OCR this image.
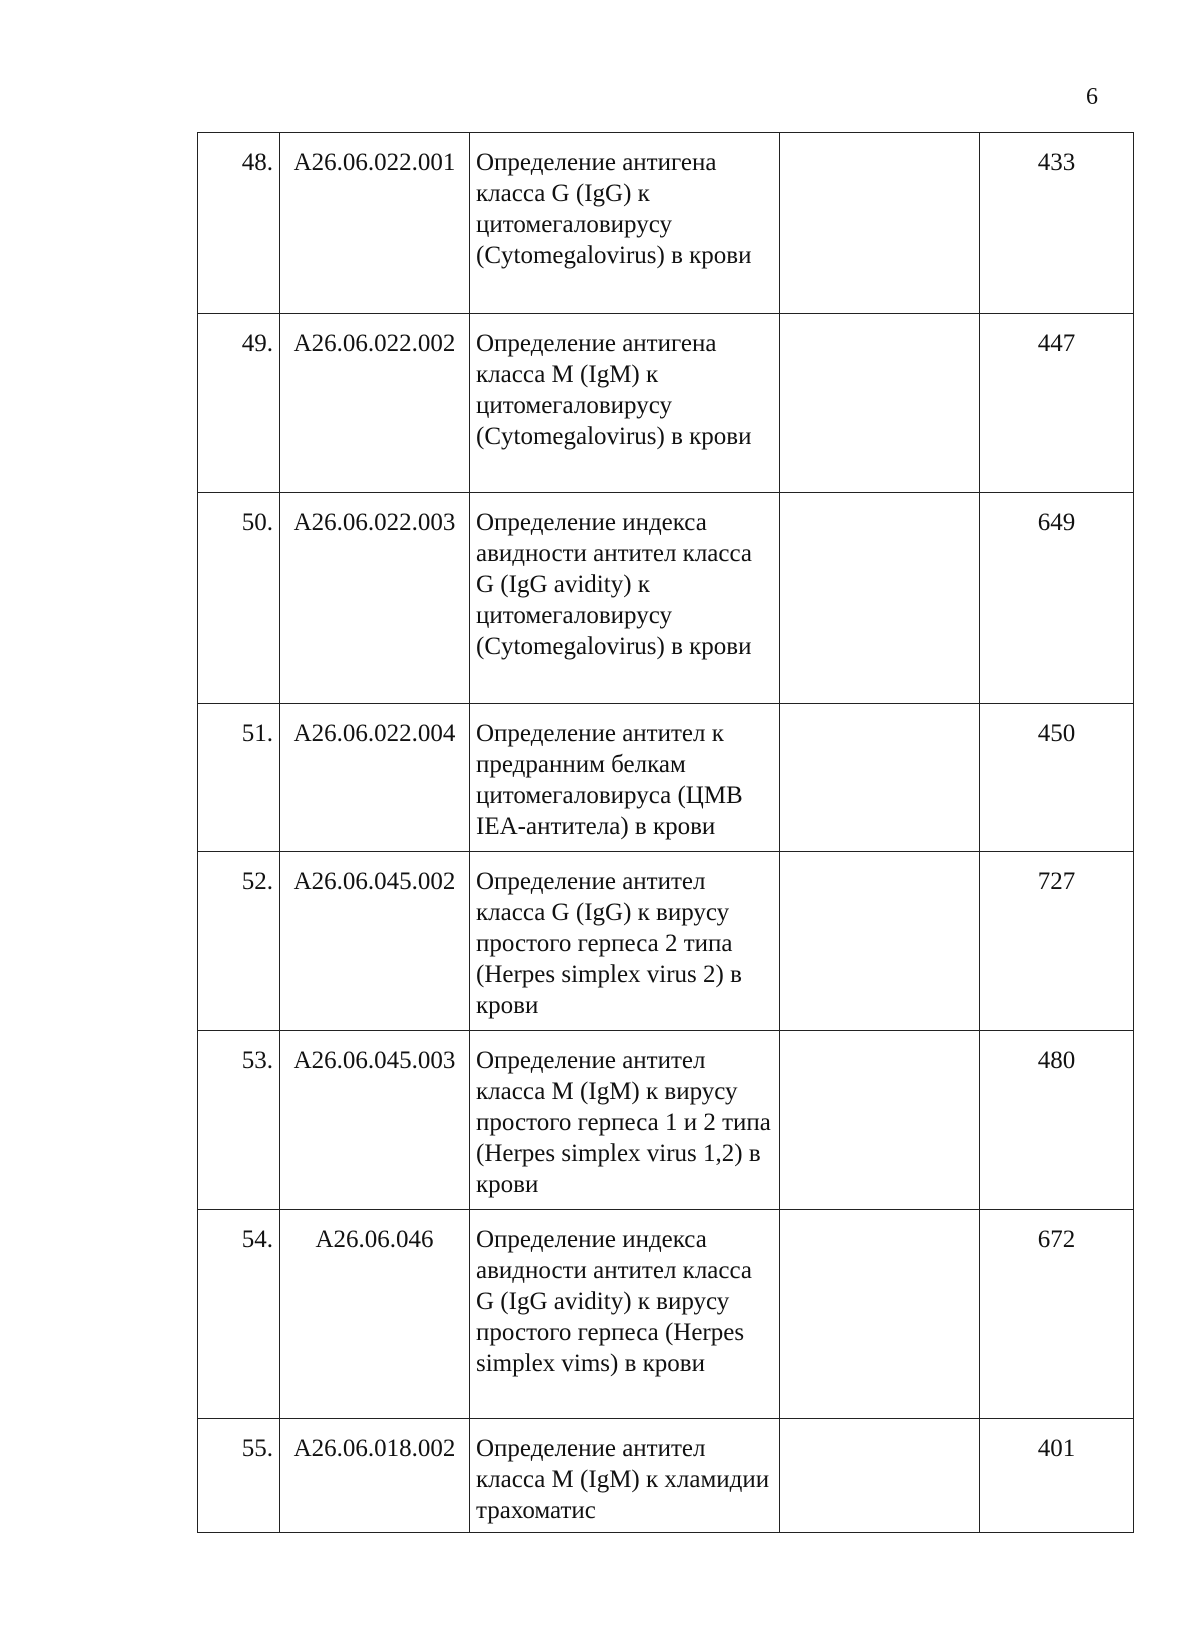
6
48.	A26.06.022.001	Определение антигена класса G (IgG) к цитомегаловирусу (Cytomegalovirus) в крови		433
49.	A26.06.022.002	Определение антигена класса M (IgM) к цитомегаловирусу (Cytomegalovirus) в крови		447
50.	A26.06.022.003	Определение индекса авидности антител класса G (IgG avidity) к цитомегаловирусу (Cytomegalovirus) в крови		649
51.	A26.06.022.004	Определение антител к предранним белкам цитомегаловируса (ЦМВ IEA-антитела) в крови		450
52.	A26.06.045.002	Определение антител класса G (IgG) к вирусу простого герпеса 2 типа (Herpes simplex virus 2) в крови		727
53.	A26.06.045.003	Определение антител класса M (IgM) к вирусу простого герпеса 1 и 2 типа (Herpes simplex virus 1,2) в крови		480
54.	A26.06.046	Определение индекса авидности антител класса G (IgG avidity) к вирусу простого герпеса (Herpes simplex vims) в крови		672
55.	A26.06.018.002	Определение антител класса M (IgM) к хламидии трахоматис		401
